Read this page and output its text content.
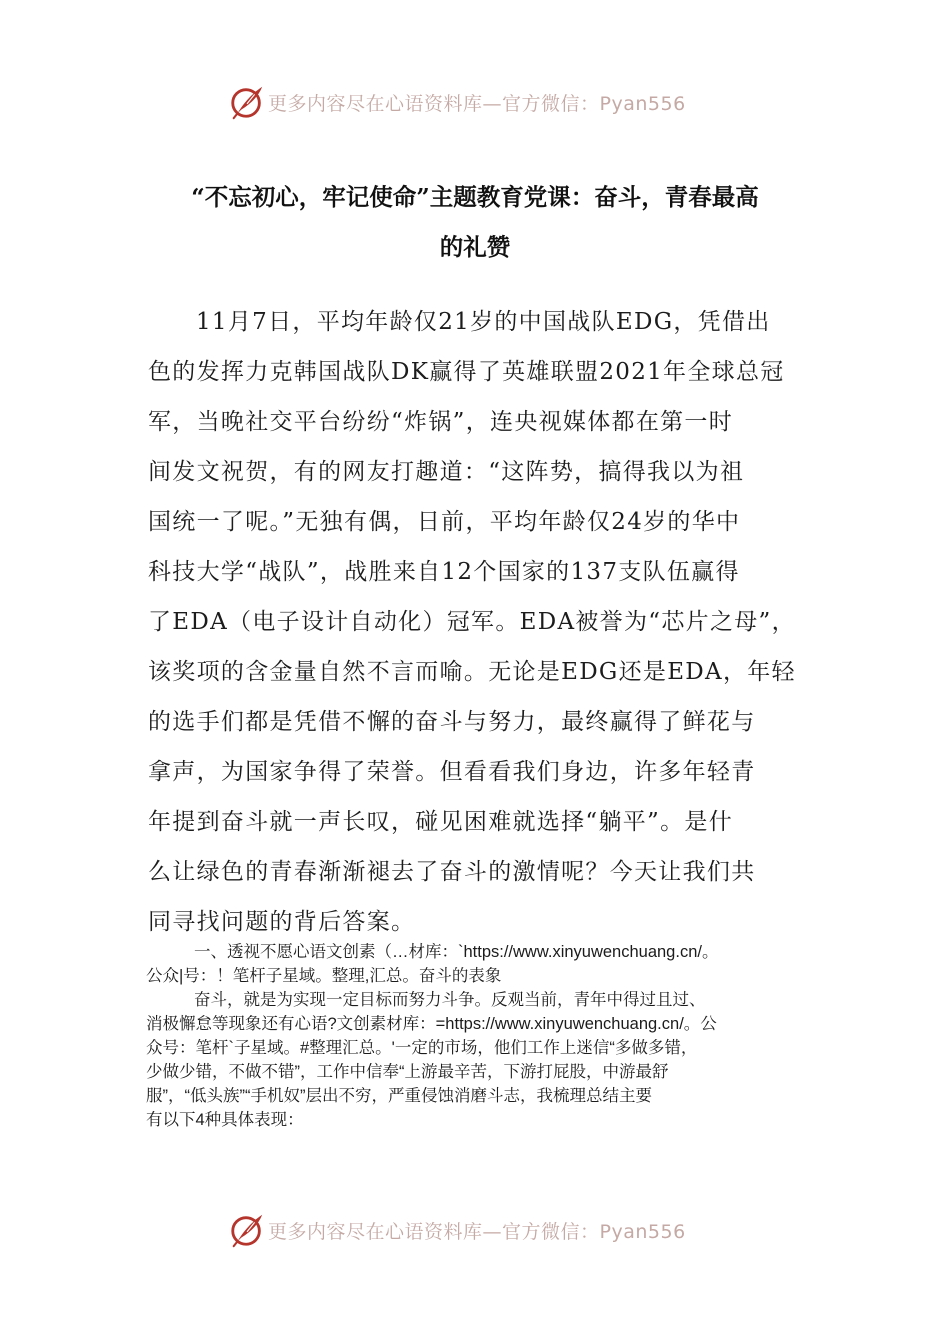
更多内容尽在心语资料库—官方微信：Pyan556
“不忘初心，牢记使命”主题教育党课：奋斗，青春最高
的礼赞
11月7日，平均年龄仅21岁的中国战队EDG，凭借出
色的发挥力克韩国战队DK赢得了英雄联盟2021年全球总冠
军，当晚社交平台纷纷“炸锅”，连央视媒体都在第一时
间发文祝贺，有的网友打趣道：“这阵势，搞得我以为祖
国统一了呢。”无独有偶，日前，平均年龄仅24岁的华中
科技大学“战队”，战胜来自12个国家的137支队伍赢得
了EDA（电子设计自动化）冠军。EDA被誉为“芯片之母”，
该奖项的含金量自然不言而喻。无论是EDG还是EDA，年轻
的选手们都是凭借不懈的奋斗与努力，最终赢得了鲜花与
拿声，为国家争得了荣誉。但看看我们身边，许多年轻青
年提到奋斗就一声长叹，碰见困难就选择“躺平”。是什
么让绿色的青春渐渐褪去了奋斗的激情呢？今天让我们共
同寻找问题的背后答案。
一、透视不愿心语文创素（…材库：`https://www.xinyuwenchuang.cn/。
公众|号：！笔杆子星域。整理,汇总。奋斗的表象
奋斗，就是为实现一定目标而努力斗争。反观当前，青年中得过且过、
消极懈怠等现象还有心语?文创素材库：=https://www.xinyuwenchuang.cn/。公
众号：笔杆`子星域。#整理汇总。'一定的市场，他们工作上迷信“多做多错，
少做少错，不做不错”，工作中信奉“上游最辛苦，下游打屁股，中游最舒
服”，“低头族”“手机奴”层出不穷，严重侵蚀消磨斗志，我梳理总结主要
有以下4种具体表现：
更多内容尽在心语资料库—官方微信：Pyan556
